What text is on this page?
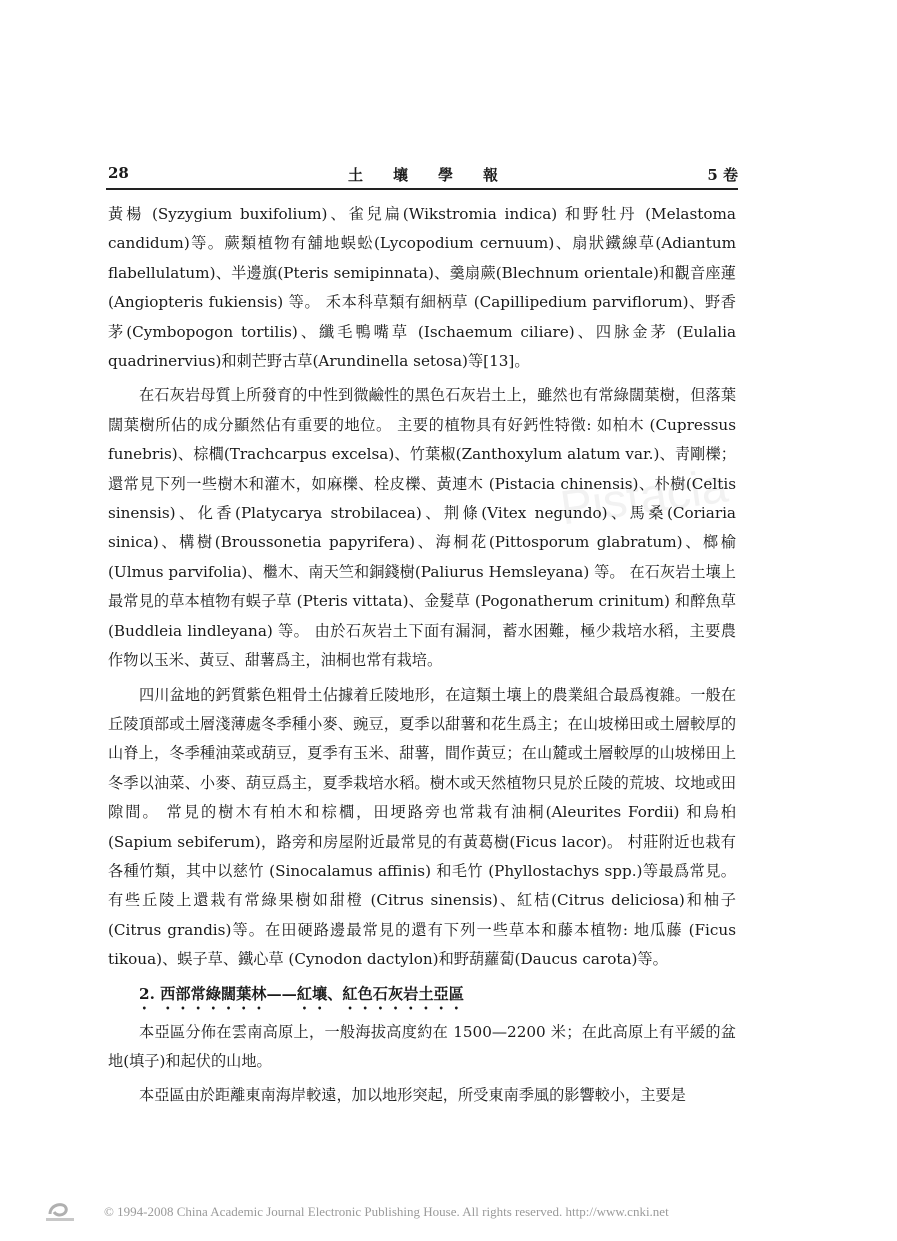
28	土壤學報	5 卷
Pistacia

黃楊 (Syzygium buxifolium)、雀兒扁(Wikstromia indica) 和野牡丹 (Melastoma candidum)等。蕨類植物有舖地蜈蚣(Lycopodium cernuum)、扇狀鐵線草(Adiantum flabellulatum)、半邊旗(Pteris semipinnata)、羹扇蕨(Blechnum orientale)和觀音座蓮(Angiopteris fukiensis) 等。 禾本科草類有細柄草 (Capillipedium parviflorum)、野香茅(Cymbopogon tortilis)、纖毛鴨嘴草 (Ischaemum ciliare)、四脉金茅 (Eulalia quadrinervius)和刺芒野古草(Arundinella setosa)等[13]。

在石灰岩母質上所發育的中性到微鹼性的黑色石灰岩土上，雖然也有常綠闊葉樹，但落葉闊葉樹所佔的成分顯然佔有重要的地位。 主要的植物具有好鈣性特徵: 如柏木 (Cupressus funebris)、棕櫚(Trachcarpus excelsa)、竹葉椒(Zanthoxylum alatum var.)、靑剛櫟；還常見下列一些樹木和灌木，如麻櫟、栓皮櫟、黃連木 (Pistacia chinensis)、朴樹(Celtis sinensis)、化香(Platycarya strobilacea)、荆條(Vitex negundo)、馬桑(Coriaria sinica)、構樹(Broussonetia papyrifera)、海桐花(Pittosporum glabratum)、榔榆(Ulmus parvifolia)、檵木、南天竺和銅錢樹(Paliurus Hemsleyana) 等。 在石灰岩土壤上最常見的草本植物有蜈子草 (Pteris vittata)、金髮草 (Pogonatherum crinitum) 和醉魚草 (Buddleia lindleyana) 等。 由於石灰岩土下面有漏洞，蓄水困難，極少栽培水稻，主要農作物以玉米、黃豆、甜薯爲主，油桐也常有栽培。

四川盆地的鈣質紫色粗骨土佔據着丘陵地形，在這類土壤上的農業組合最爲複雜。一般在丘陵頂部或土層淺薄處冬季種小麥、豌豆，夏季以甜薯和花生爲主；在山坡梯田或土層較厚的山脊上，冬季種油菜或葫豆，夏季有玉米、甜薯，間作黃豆；在山麓或土層較厚的山坡梯田上冬季以油菜、小麥、葫豆爲主，夏季栽培水稻。樹木或天然植物只見於丘陵的荒坡、坟地或田隙間。 常見的樹木有柏木和棕櫚，田埂路旁也常栽有油桐(Aleurites Fordii) 和烏桕(Sapium sebiferum)，路旁和房屋附近最常見的有黃葛樹(Ficus lacor)。 村莊附近也栽有各種竹類，其中以慈竹 (Sinocalamus affinis) 和毛竹 (Phyllostachys spp.)等最爲常見。 有些丘陵上還栽有常綠果樹如甜橙 (Citrus sinensis)、紅桔(Citrus deliciosa)和柚子 (Citrus grandis)等。在田硬路邊最常見的還有下列一些草本和藤本植物: 地瓜藤 (Ficus tikoua)、蜈子草、鐵心草 (Cynodon dactylon)和野葫蘿蔔(Daucus carota)等。

2. 西部常綠闊葉林——紅壤、紅色石灰岩土亞區

本亞區分佈在雲南高原上，一般海拔高度約在 1500—2200 米；在此高原上有平緩的盆地(填子)和起伏的山地。

本亞區由於距離東南海岸較遠，加以地形突起，所受東南季風的影響較小，主要是

© 1994-2008 China Academic Journal Electronic Publishing House. All rights reserved. http://www.cnki.net
